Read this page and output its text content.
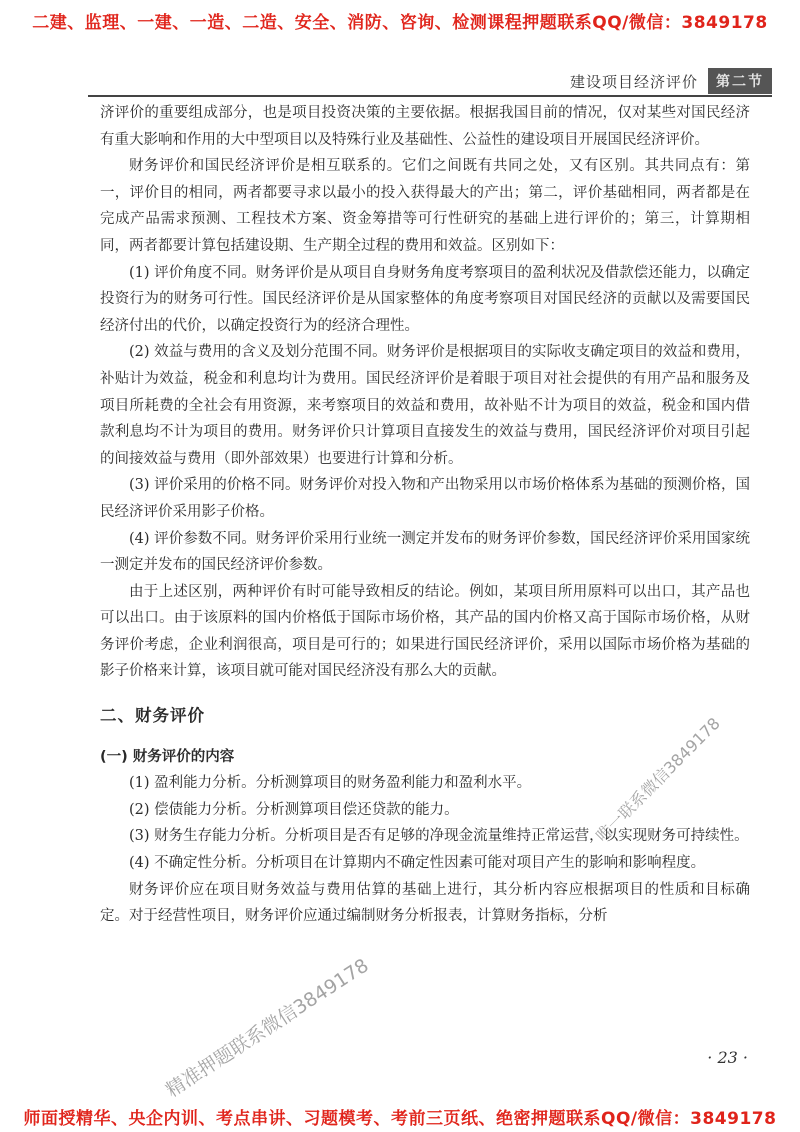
二建、监理、一建、一造、二造、安全、消防、咨询、检测课程押题联系QQ/微信：3849178
建设项目经济评价	第二节

济评价的重要组成部分，也是项目投资决策的主要依据。根据我国目前的情况，仅对某些对国民经济有重大影响和作用的大中型项目以及特殊行业及基础性、公益性的建设项目开展国民经济评价。

财务评价和国民经济评价是相互联系的。它们之间既有共同之处，又有区别。其共同点有：第一，评价目的相同，两者都要寻求以最小的投入获得最大的产出；第二，评价基础相同，两者都是在完成产品需求预测、工程技术方案、资金筹措等可行性研究的基础上进行评价的；第三，计算期相同，两者都要计算包括建设期、生产期全过程的费用和效益。区别如下：

(1) 评价角度不同。财务评价是从项目自身财务角度考察项目的盈利状况及借款偿还能力，以确定投资行为的财务可行性。国民经济评价是从国家整体的角度考察项目对国民经济的贡献以及需要国民经济付出的代价，以确定投资行为的经济合理性。

(2) 效益与费用的含义及划分范围不同。财务评价是根据项目的实际收支确定项目的效益和费用，补贴计为效益，税金和利息均计为费用。国民经济评价是着眼于项目对社会提供的有用产品和服务及项目所耗费的全社会有用资源，来考察项目的效益和费用，故补贴不计为项目的效益，税金和国内借款利息均不计为项目的费用。财务评价只计算项目直接发生的效益与费用，国民经济评价对项目引起的间接效益与费用（即外部效果）也要进行计算和分析。

(3) 评价采用的价格不同。财务评价对投入物和产出物采用以市场价格体系为基础的预测价格，国民经济评价采用影子价格。

(4) 评价参数不同。财务评价采用行业统一测定并发布的财务评价参数，国民经济评价采用国家统一测定并发布的国民经济评价参数。

由于上述区别，两种评价有时可能导致相反的结论。例如，某项目所用原料可以出口，其产品也可以出口。由于该原料的国内价格低于国际市场价格，其产品的国内价格又高于国际市场价格，从财务评价考虑，企业利润很高，项目是可行的；如果进行国民经济评价，采用以国际市场价格为基础的影子价格来计算，该项目就可能对国民经济没有那么大的贡献。

二、财务评价
(一) 财务评价的内容

(1) 盈利能力分析。分析测算项目的财务盈利能力和盈利水平。

(2) 偿债能力分析。分析测算项目偿还贷款的能力。

(3) 财务生存能力分析。分析项目是否有足够的净现金流量维持正常运营，以实现财务可持续性。

(4) 不确定性分析。分析项目在计算期内不确定性因素可能对项目产生的影响和影响程度。

财务评价应在项目财务效益与费用估算的基础上进行，其分析内容应根据项目的性质和目标确定。对于经营性项目，财务评价应通过编制财务分析报表，计算财务指标，分析

· 23 ·
唯一联系微信3849178
精准押题联系微信3849178
师面授精华、央企内训、考点串讲、习题模考、考前三页纸、绝密押题联系QQ/微信：3849178
